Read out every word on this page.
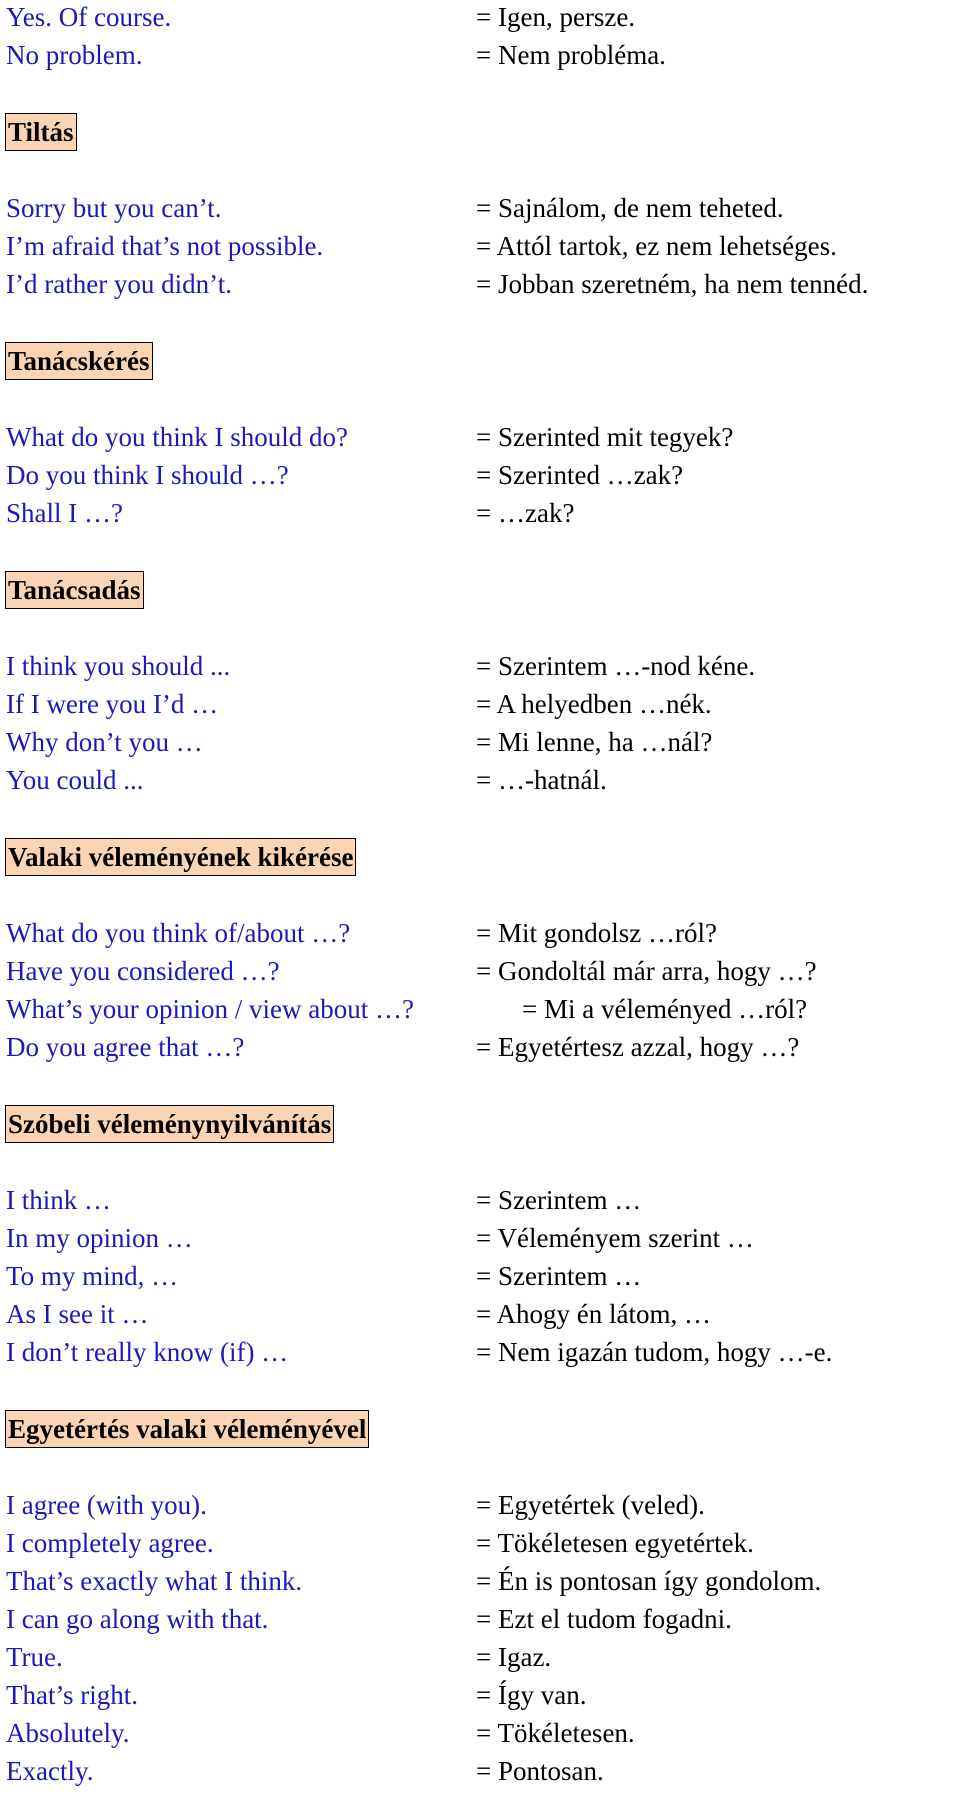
Yes. Of course.	= Igen, persze.
No problem.	= Nem probléma.
Tiltás
Sorry but you can’t.	= Sajnálom, de nem teheted.
I’m afraid that’s not possible.	= Attól tartok, ez nem lehetséges.
I’d rather you didn’t.	= Jobban szeretném, ha nem tennéd.
Tanácskérés
What do you think I should do?	= Szerinted mit tegyek?
Do you think I should …?	= Szerinted …zak?
Shall I …?	= …zak?
Tanácsadás
I think you should ...	= Szerintem …-nod kéne.
If I were you I’d …	= A helyedben …nék.
Why don’t you …	= Mi lenne, ha …nál?
You could ...	= …-hatnál.
Valaki véleményének kikérése
What do you think of/about …?	= Mit gondolsz …ról?
Have you considered …?	= Gondoltál már arra, hogy …?
What’s your opinion / view about …?	= Mi a véleményed …ról?
Do you agree that …?	= Egyetértesz azzal, hogy …?
Szóbeli véleménynyilvánítás
I think …	= Szerintem …
In my opinion …	= Véleményem szerint …
To my mind, …	= Szerintem …
As I see it …	= Ahogy én látom, …
I don’t really know (if) …	= Nem igazán tudom, hogy …-e.
Egyetértés valaki véleményével
I agree (with you).	= Egyetértek (veled).
I completely agree.	= Tökéletesen egyetértek.
That’s exactly what I think.	= Én is pontosan így gondolom.
I can go along with that.	= Ezt el tudom fogadni.
True.	= Igaz.
That’s right.	= Így van.
Absolutely.	= Tökéletesen.
Exactly.	= Pontosan.
